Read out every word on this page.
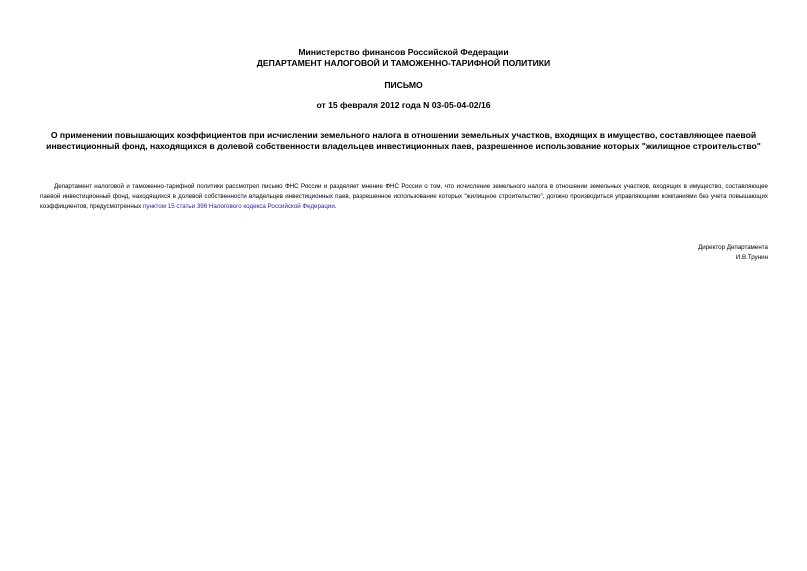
Министерство финансов Российской Федерации
ДЕПАРТАМЕНТ НАЛОГОВОЙ И ТАМОЖЕННО-ТАРИФНОЙ ПОЛИТИКИ
ПИСЬМО
от 15 февраля 2012 года N 03-05-04-02/16
О применении повышающих коэффициентов при исчислении земельного налога в отношении земельных участков, входящих в имущество, составляющее паевой инвестиционный фонд, находящихся в долевой собственности владельцев инвестиционных паев, разрешенное использование которых "жилищное строительство"
Департамент налоговой и таможенно-тарифной политики рассмотрел письмо ФНС России и разделяет мнение ФНС России о том, что исчисление земельного налога в отношении земельных участков, входящих в имущество, составляющее паевой инвестиционный фонд, находящихся в долевой собственности владельцев инвестиционных паев, разрешенное использование которых "жилищное строительство", должно производиться управляющими компаниями без учета повышающих коэффициентов, предусмотренных пунктом 15 статьи 396 Налогового кодекса Российской Федерации.
Директор Департамента
И.В.Трунин
